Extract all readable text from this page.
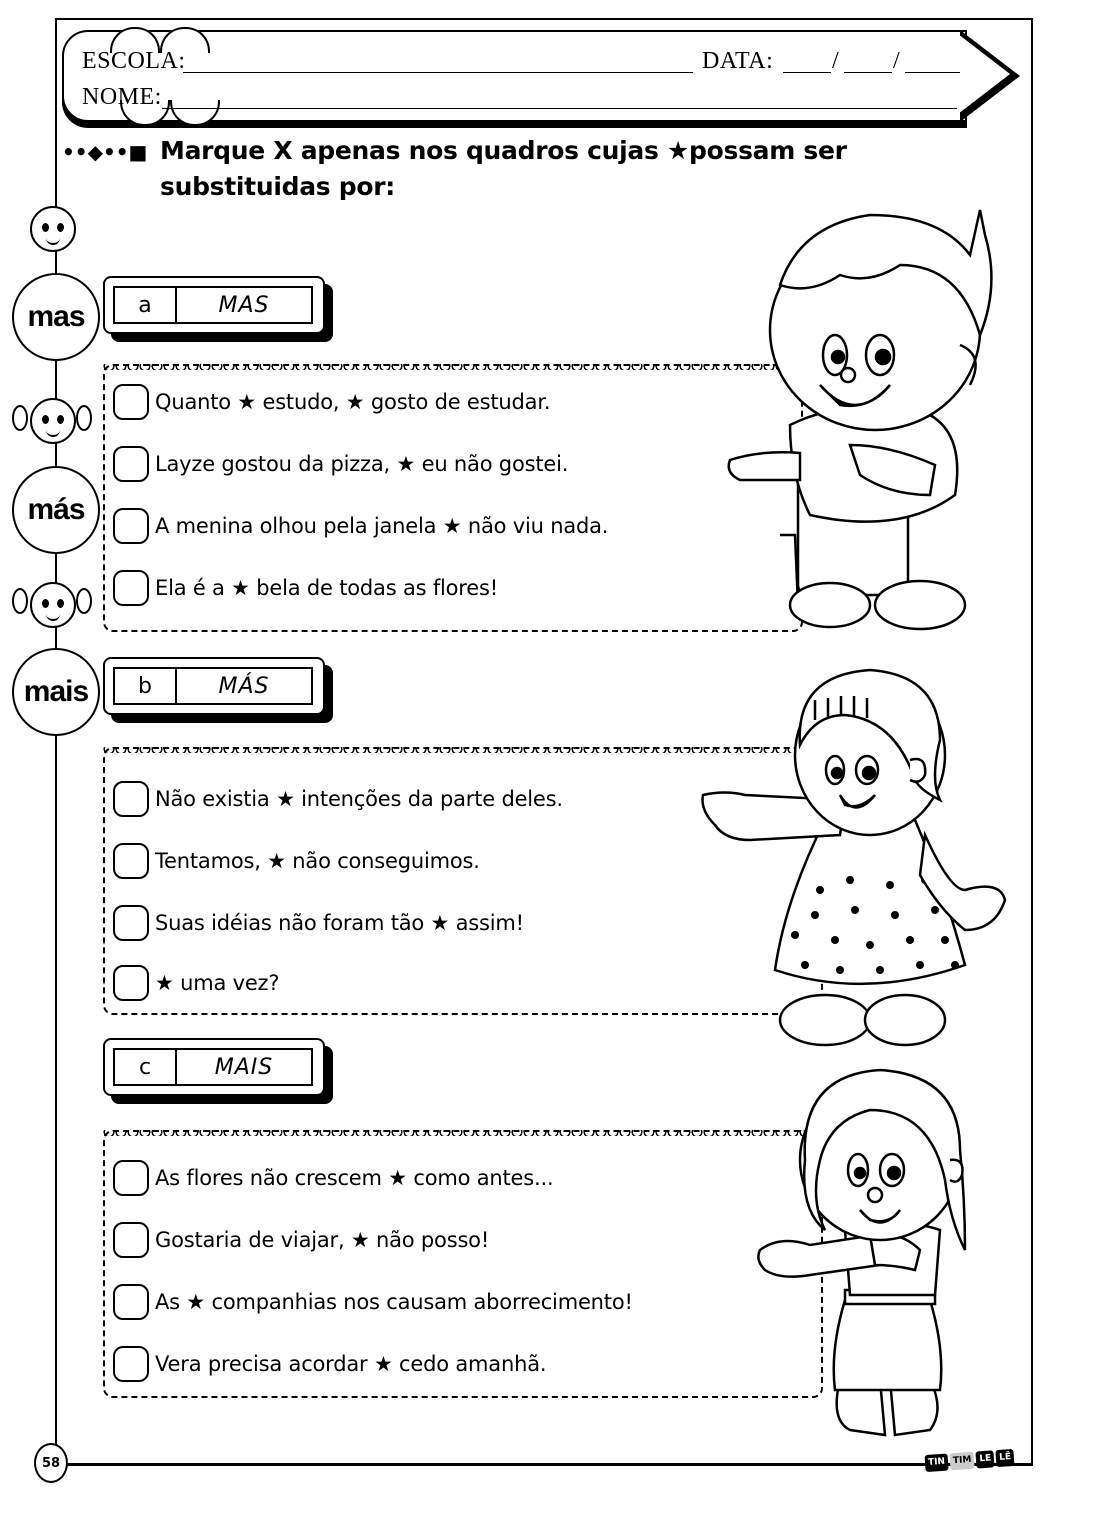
ESCOLA:	DATA: / /
NOME:
••◆••■ Marque X apenas nos quadros cujas ★possam ser substituidas por:
mas
más
mais
a	MAS
Quanto ★ estudo, ★ gosto de estudar.
Layze gostou da pizza, ★ eu não gostei.
A menina olhou pela janela ★ não viu nada.
Ela é a ★ bela de todas as flores!
b	MÁS
Não existia ★ intenções da parte deles.
Tentamos, ★ não conseguimos.
Suas idéias não foram tão ★ assim!
★ uma vez?
c	MAIS
As flores não crescem ★ como antes...
Gostaria de viajar, ★ não posso!
As ★ companhias nos causam aborrecimento!
Vera precisa acordar ★ cedo amanhã.
58	TIN TIM LE LÊ
